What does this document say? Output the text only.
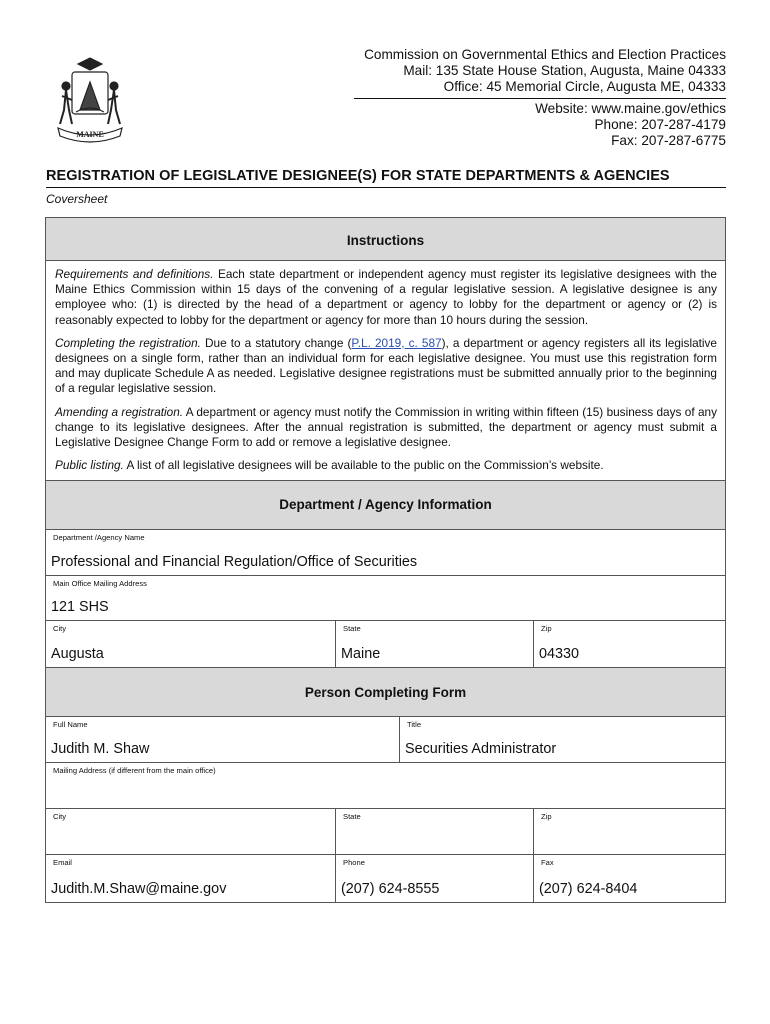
MAINE
Commission on Governmental Ethics and Election Practices
Mail: 135 State House Station, Augusta, Maine 04333
Office: 45 Memorial Circle, Augusta ME, 04333
Website: www.maine.gov/ethics
Phone: 207-287-4179
Fax: 207-287-6775
REGISTRATION OF LEGISLATIVE DESIGNEE(S) FOR STATE DEPARTMENTS & AGENCIES
Coversheet
Instructions

Requirements and definitions. Each state department or independent agency must register its legislative designees with the Maine Ethics Commission within 15 days of the convening of a regular legislative session. A legislative designee is any employee who: (1) is directed by the head of a department or agency to lobby for the department or agency or (2) is reasonably expected to lobby for the department or agency for more than 10 hours during the session.

Completing the registration. Due to a statutory change (P.L. 2019, c. 587), a department or agency registers all its legislative designees on a single form, rather than an individual form for each legislative designee. You must use this registration form and may duplicate Schedule A as needed. Legislative designee registrations must be submitted annually prior to the beginning of a regular legislative session.

Amending a registration. A department or agency must notify the Commission in writing within fifteen (15) business days of any change to its legislative designees. After the annual registration is submitted, the department or agency must submit a Legislative Designee Change Form to add or remove a legislative designee.

Public listing. A list of all legislative designees will be available to the public on the Commission’s website.

Department / Agency Information
Department /Agency Name
Professional and Financial Regulation/Office of Securities
Main Office Mailing Address
121 SHS
City
Augusta
State
Maine
Zip
04330
Person Completing Form
Full Name
Judith M. Shaw
Title
Securities Administrator
Mailing Address (if different from the main office)
City	State	Zip
Email
Judith.M.Shaw@maine.gov
Phone
(207) 624-8555
Fax
(207) 624-8404
